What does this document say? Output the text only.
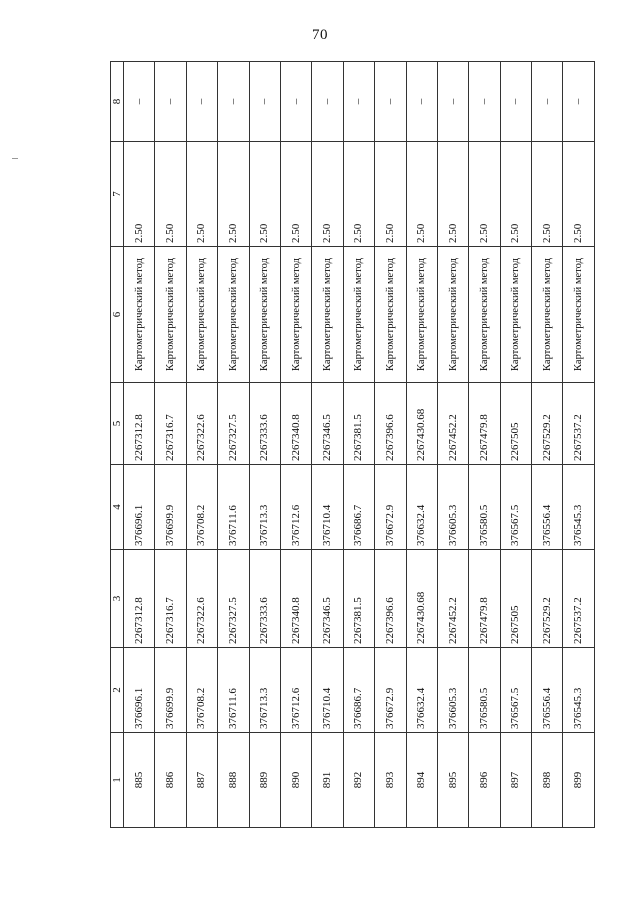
70
1	2	3	4	5	6	7	8
885	376696.1	2267312.8	376696.1	2267312.8	Картометрический метод	2.50	–
886	376699.9	2267316.7	376699.9	2267316.7	Картометрический метод	2.50	–
887	376708.2	2267322.6	376708.2	2267322.6	Картометрический метод	2.50	–
888	376711.6	2267327.5	376711.6	2267327.5	Картометрический метод	2.50	–
889	376713.3	2267333.6	376713.3	2267333.6	Картометрический метод	2.50	–
890	376712.6	2267340.8	376712.6	2267340.8	Картометрический метод	2.50	–
891	376710.4	2267346.5	376710.4	2267346.5	Картометрический метод	2.50	–
892	376686.7	2267381.5	376686.7	2267381.5	Картометрический метод	2.50	–
893	376672.9	2267396.6	376672.9	2267396.6	Картометрический метод	2.50	–
894	376632.4	2267430.68	376632.4	2267430.68	Картометрический метод	2.50	–
895	376605.3	2267452.2	376605.3	2267452.2	Картометрический метод	2.50	–
896	376580.5	2267479.8	376580.5	2267479.8	Картометрический метод	2.50	–
897	376567.5	2267505	376567.5	2267505	Картометрический метод	2.50	–
898	376556.4	2267529.2	376556.4	2267529.2	Картометрический метод	2.50	–
899	376545.3	2267537.2	376545.3	2267537.2	Картометрический метод	2.50	–
